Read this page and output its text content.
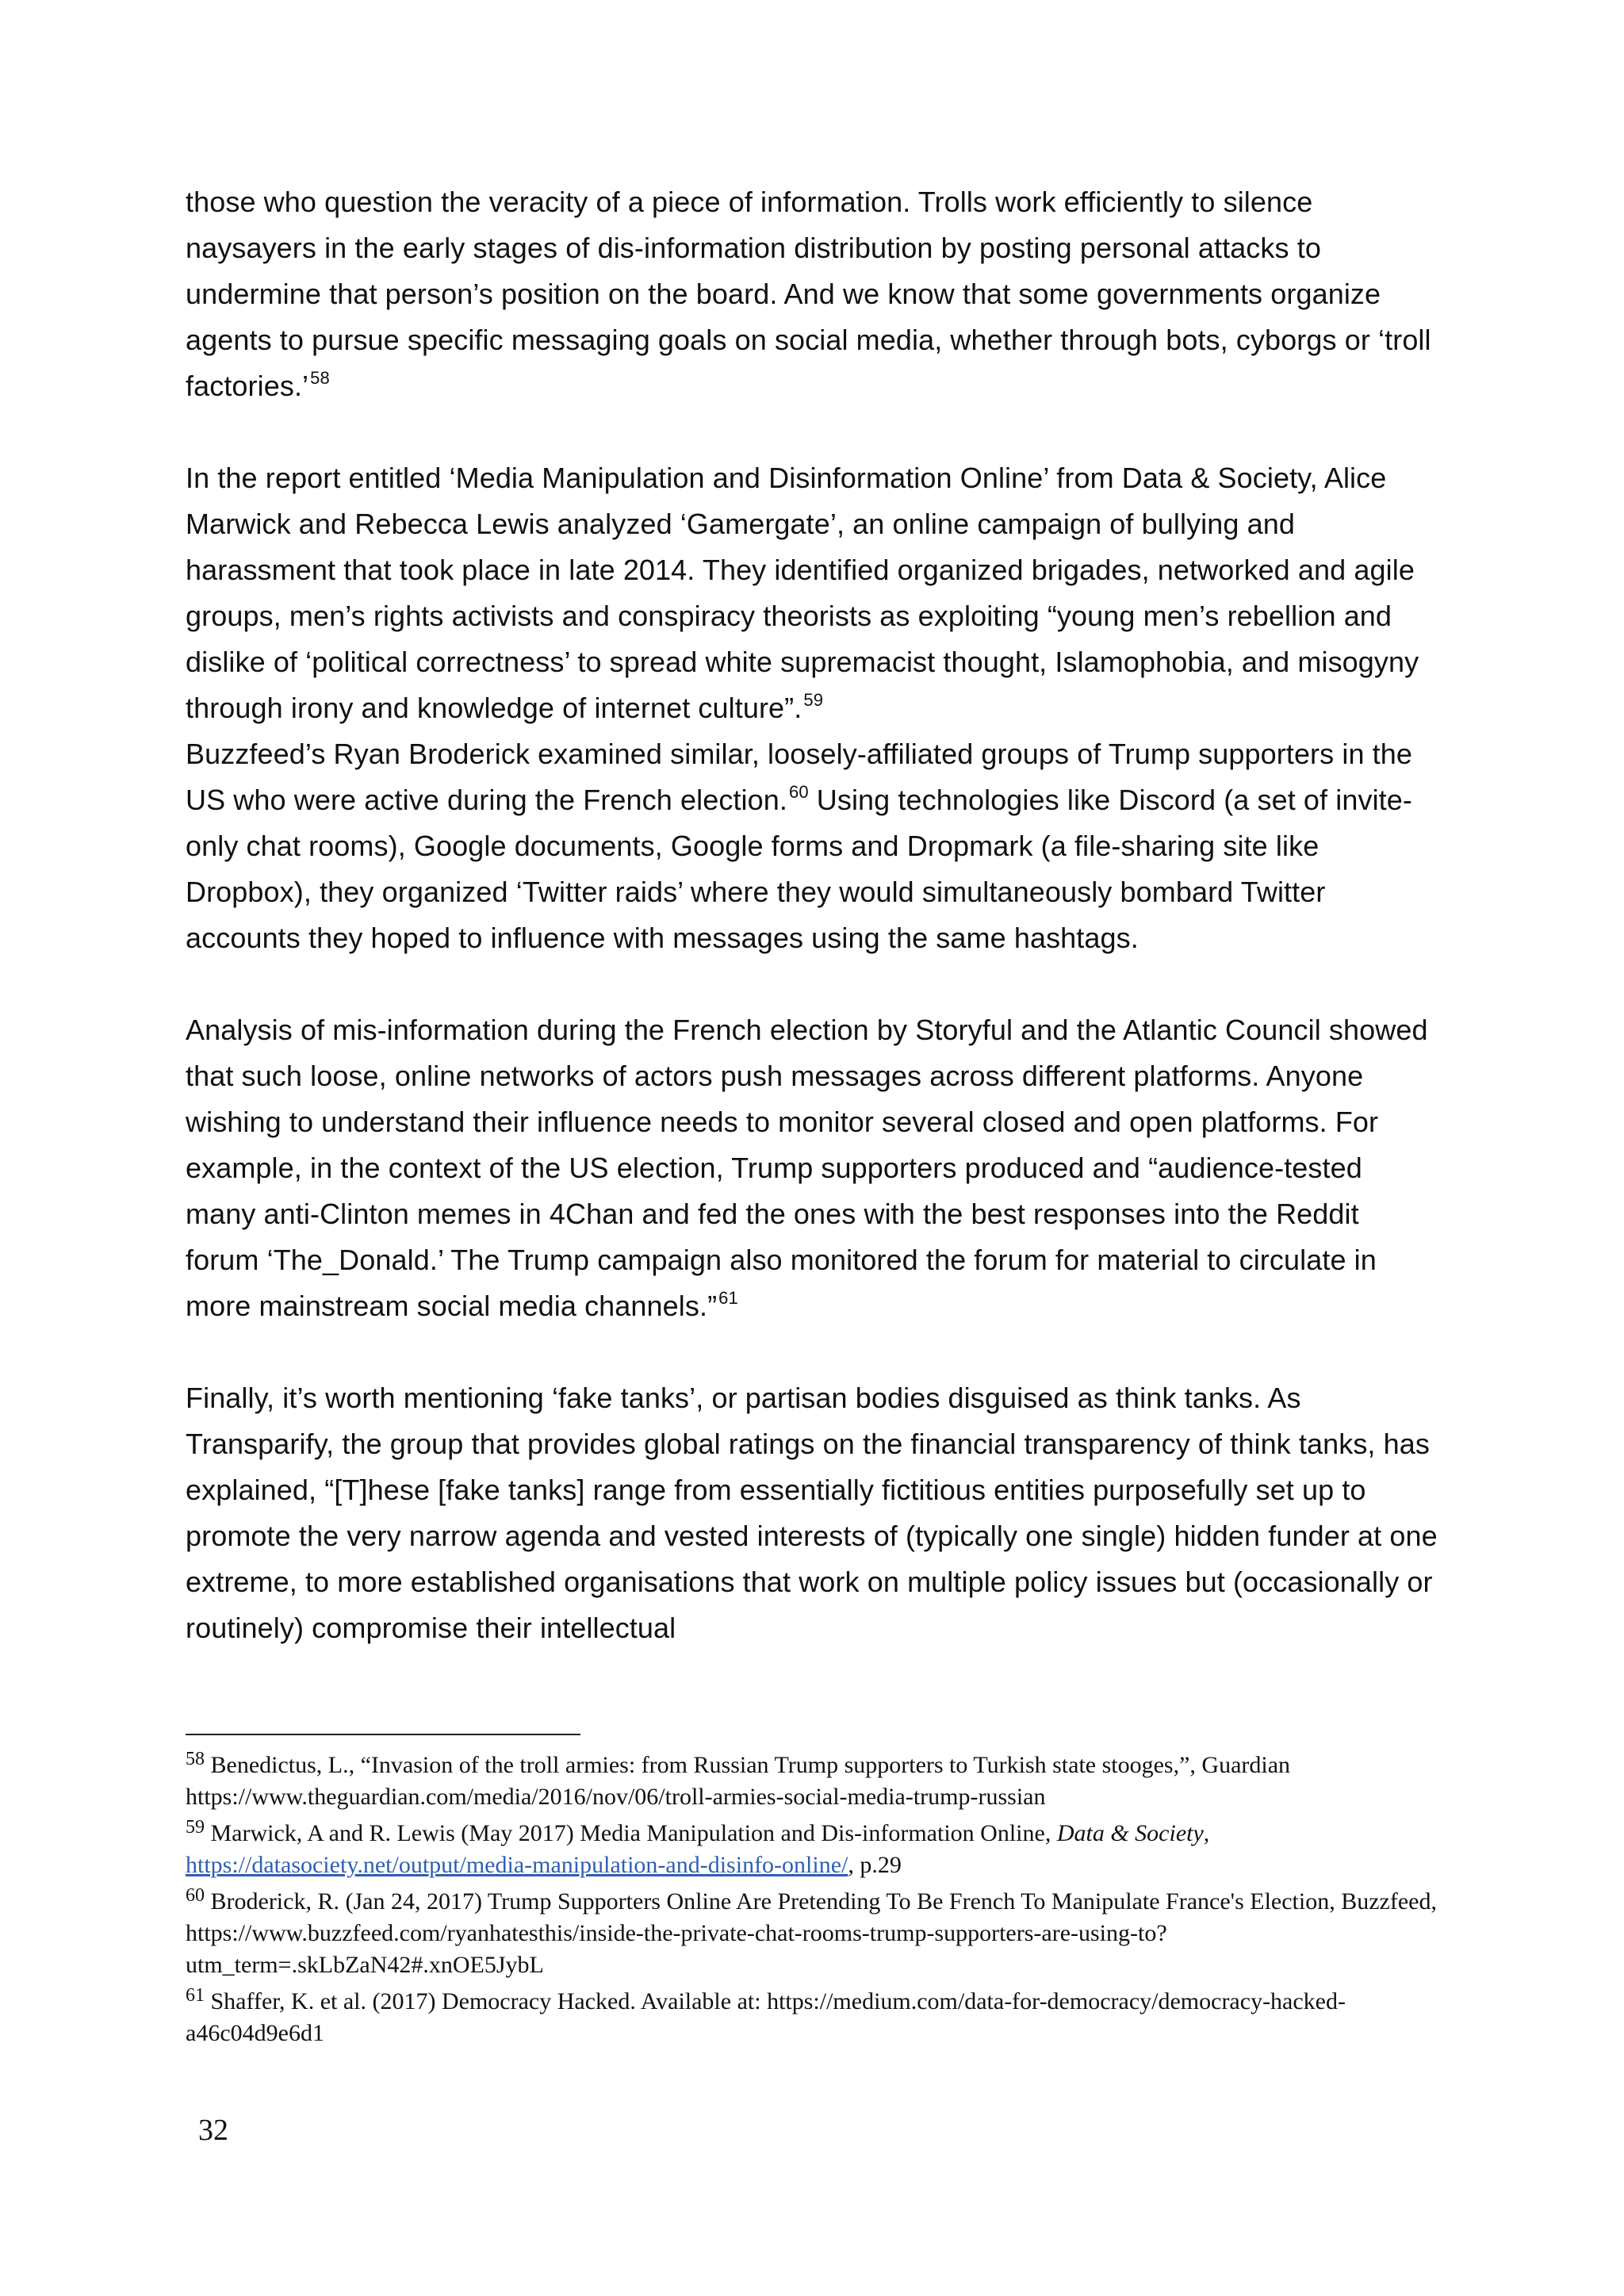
those who question the veracity of a piece of information. Trolls work efficiently to silence naysayers in the early stages of dis-information distribution by posting personal attacks to undermine that person’s position on the board. And we know that some governments organize agents to pursue specific messaging goals on social media, whether through bots, cyborgs or ‘troll factories.’$^{58}$

In the report entitled ‘Media Manipulation and Disinformation Online’ from Data & Society, Alice Marwick and Rebecca Lewis analyzed ‘Gamergate’, an online campaign of bullying and harassment that took place in late 2014. They identified organized brigades, networked and agile groups, men’s rights activists and conspiracy theorists as exploiting “young men’s rebellion and dislike of ‘political correctness’ to spread white supremacist thought, Islamophobia, and misogyny through irony and knowledge of internet culture”.$^{59}$

Buzzfeed’s Ryan Broderick examined similar, loosely-affiliated groups of Trump supporters in the US who were active during the French election.$^{60}$ Using technologies like Discord (a set of invite-only chat rooms), Google documents, Google forms and Dropmark (a file-sharing site like Dropbox), they organized ‘Twitter raids’ where they would simultaneously bombard Twitter accounts they hoped to influence with messages using the same hashtags.

Analysis of mis-information during the French election by Storyful and the Atlantic Council showed that such loose, online networks of actors push messages across different platforms. Anyone wishing to understand their influence needs to monitor several closed and open platforms. For example, in the context of the US election, Trump supporters produced and “audience-tested many anti-Clinton memes in 4Chan and fed the ones with the best responses into the Reddit forum ‘The_Donald.’ The Trump campaign also monitored the forum for material to circulate in more mainstream social media channels.”$^{61}$

Finally, it’s worth mentioning ‘fake tanks’, or partisan bodies disguised as think tanks. As Transparify, the group that provides global ratings on the financial transparency of think tanks, has explained, “[T]hese [fake tanks] range from essentially fictitious entities purposefully set up to promote the very narrow agenda and vested interests of (typically one single) hidden funder at one extreme, to more established organisations that work on multiple policy issues but (occasionally or routinely) compromise their intellectual

$^{58}$ Benedictus, L., “Invasion of the troll armies: from Russian Trump supporters to Turkish state stooges,”, Guardian https://www.theguardian.com/media/2016/nov/06/troll-armies-social-media-trump-russian
$^{59}$ Marwick, A and R. Lewis (May 2017) Media Manipulation and Dis-information Online, Data & Society,
https://datasociety.net/output/media-manipulation-and-disinfo-online/, p.29
$^{60}$ Broderick, R. (Jan 24, 2017) Trump Supporters Online Are Pretending To Be French To Manipulate France's Election, Buzzfeed, https://www.buzzfeed.com/ryanhatesthis/inside-the-private-chat-rooms-trump-supporters-are-using-to?utm_term=.skLbZaN42#.xnOE5JybL
$^{61}$ Shaffer, K. et al. (2017) Democracy Hacked. Available at: https://medium.com/data-for-democracy/democracy-hacked-a46c04d9e6d1
32
